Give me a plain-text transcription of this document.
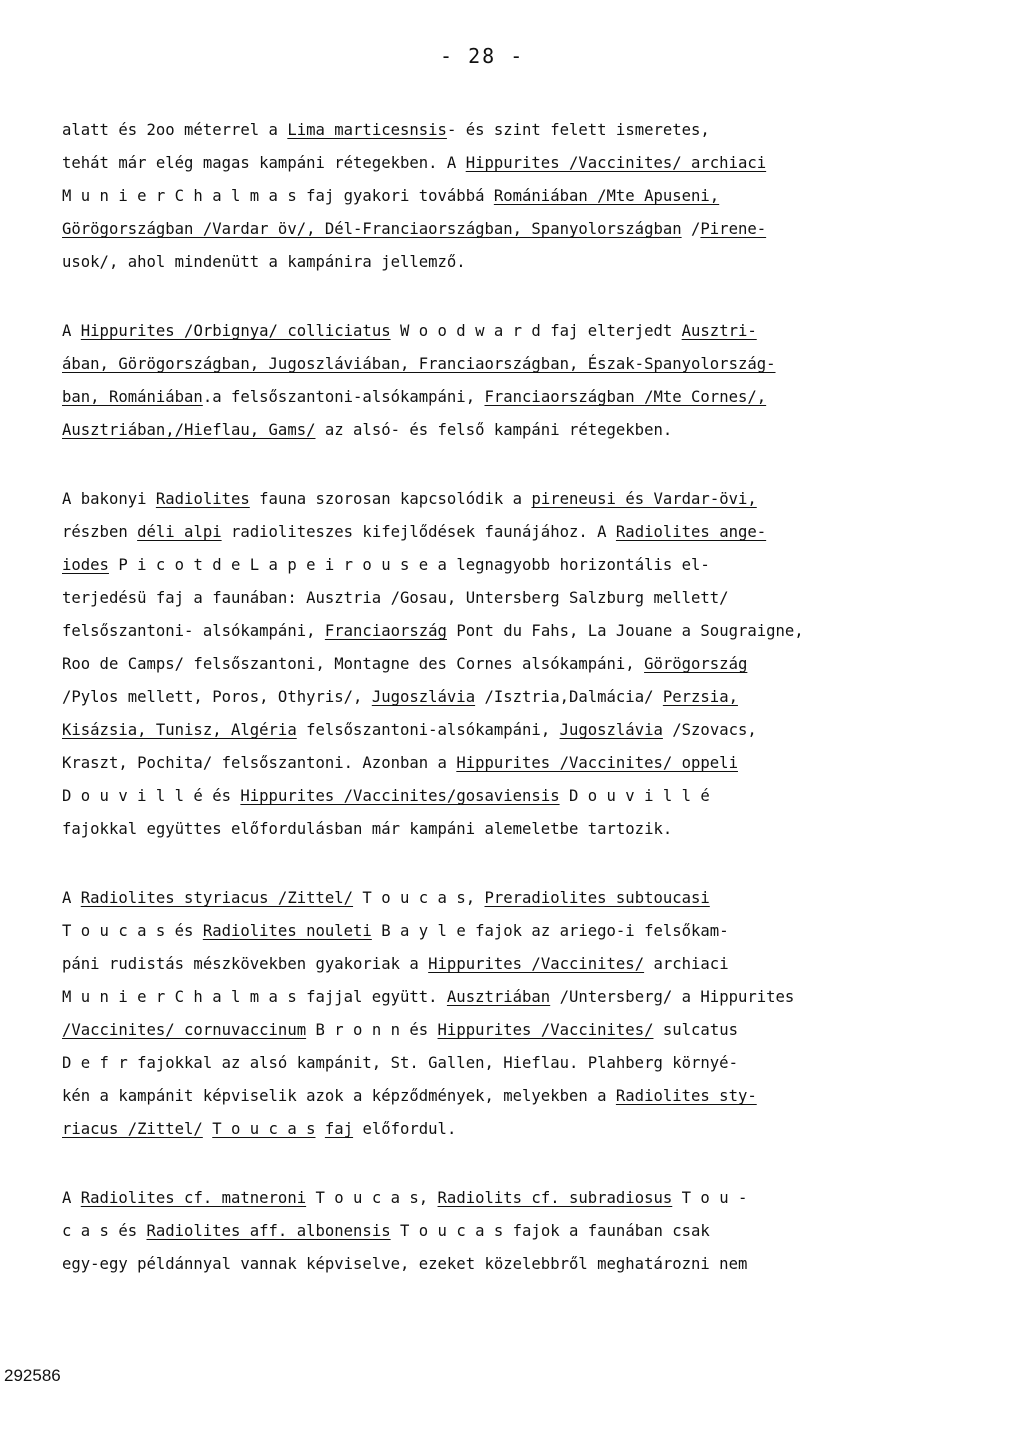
- 28 -
alatt és 2oo méterrel a Lima marticesnsis- és szint felett ismeretes,
tehát már elég magas kampáni rétegekben. A Hippurites /Vaccinites/ archiaci
M u n i e r C h a l m a s faj gyakori továbbá Romániában /Mte Apuseni,
Görögországban /Vardar öv/, Dél-Franciaországban, Spanyolországban /Pirene-
usok/, ahol mindenütt a kampánira jellemző.
A Hippurites /Orbignya/ colliciatus W o o d w a r d faj elterjedt Ausztri-
ában, Görögországban, Jugoszláviában, Franciaországban, Észak-Spanyolország-
ban, Romániában.a felsőszantoni-alsókampáni, Franciaországban /Mte Cornes/,
Ausztriában,/Hieflau, Gams/ az alsó- és felső kampáni rétegekben.
A bakonyi Radiolites fauna szorosan kapcsolódik a pireneusi és Vardar-övi,
részben déli alpi radioliteszes kifejlődések faunájához. A Radiolites ange-
iodes P i c o t d e L a p e i r o u s e a legnagyobb horizontális el-
terjedésü faj a faunában: Ausztria /Gosau, Untersberg Salzburg mellett/
felsőszantoni- alsókampáni, Franciaország Pont du Fahs, La Jouane a Sougraigne,
Roo de Camps/ felsőszantoni, Montagne des Cornes alsókampáni, Görögország
/Pylos mellett, Poros, Othyris/, Jugoszlávia /Isztria,Dalmácia/ Perzsia,
Kisázsia, Tunisz, Algéria felsőszantoni-alsókampáni, Jugoszlávia /Szovacs,
Kraszt, Pochita/ felsőszantoni. Azonban a Hippurites /Vaccinites/ oppeli
D o u v i l l é és Hippurites /Vaccinites/gosaviensis D o u v i l l é
fajokkal együttes előfordulásban már kampáni alemeletbe tartozik.
A Radiolites styriacus /Zittel/ T o u c a s, Preradiolites subtoucasi
T o u c a s és Radiolites nouleti B a y l e fajok az ariego-i felsőkam-
páni rudistás mészkövekben gyakoriak a Hippurites /Vaccinites/ archiaci
M u n i e r C h a l m a s fajjal együtt. Ausztriában /Untersberg/ a Hippurites
/Vaccinites/ cornuvaccinum B r o n n és Hippurites /Vaccinites/ sulcatus
D e f r fajokkal az alsó kampánit, St. Gallen, Hieflau. Plahberg környé-
kén a kampánit képviselik azok a képződmények, melyekben a Radiolites sty-
riacus /Zittel/ T o u c a s faj előfordul.
A Radiolites cf. matneroni T o u c a s, Radiolits cf. subradiosus T o u -
c a s és Radiolites aff. albonensis T o u c a s fajok a faunában csak
egy-egy példánnyal vannak képviselve, ezeket közelebbről meghatározni nem
292586
